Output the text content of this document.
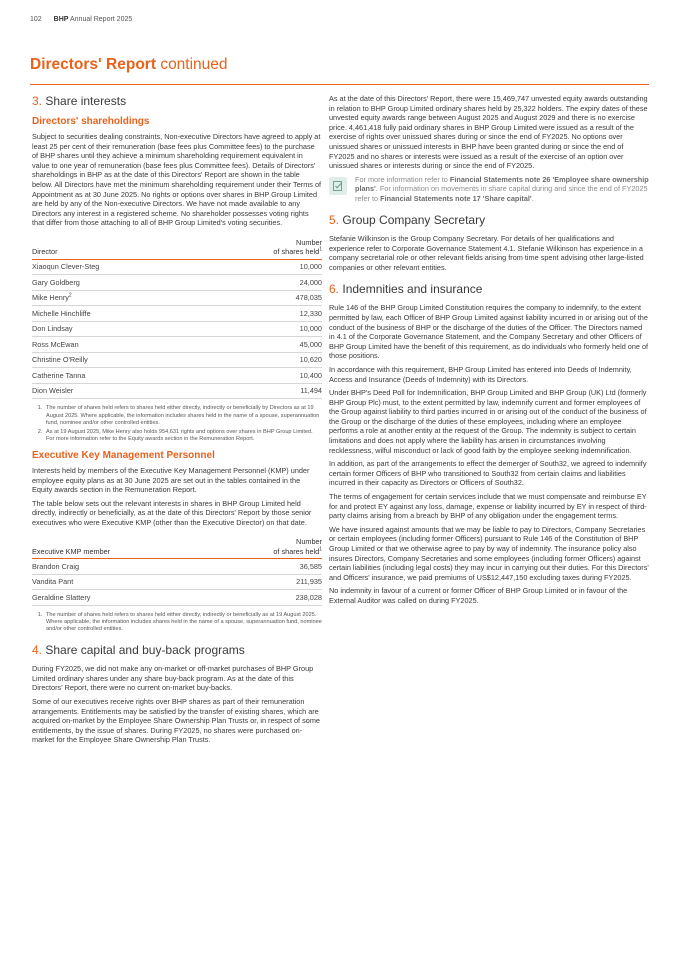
102 BHP Annual Report 2025
Directors' Report continued
3. Share interests
Directors' shareholdings

Subject to securities dealing constraints, Non-executive Directors have agreed to apply at least 25 per cent of their remuneration (base fees plus Committee fees) to the purchase of BHP shares until they achieve a minimum shareholding requirement equivalent in value to one year of remuneration (base fees plus Committee fees). Details of Directors' shareholdings in BHP as at the date of this Directors' Report are shown in the table below. All Directors have met the minimum shareholding requirement under their Terms of Appointment as at 30 June 2025. No rights or options over shares in BHP Group Limited are held by any of the Non-executive Directors. We have not made available to any Directors any interest in a registered scheme. No shareholder possesses voting rights that differ from those attaching to all of BHP Group Limited's voting securities.

Director	Number
of shares held$^1$
Xiaoqun Clever-Steg	10,000
Gary Goldberg	24,000
Mike Henry$^2$	478,035
Michelle Hinchliffe	12,330
Don Lindsay	10,000
Ross McEwan	45,000
Christine O'Reilly	10,620
Catherine Tanna	10,400
Dion Weisler	11,494
1. The number of shares held refers to shares held either directly, indirectly or beneficially by Directors as at 19 August 2025. Where applicable, the information includes shares held in the name of a spouse, superannuation fund, nominee and/or other controlled entities.
2. As at 19 August 2025, Mike Henry also holds 954,631 rights and options over shares in BHP Group Limited. For more information refer to the Equity awards section in the Remuneration Report.
Executive Key Management Personnel

Interests held by members of the Executive Key Management Personnel (KMP) under employee equity plans as at 30 June 2025 are set out in the tables contained in the Equity awards section in the Remuneration Report.

The table below sets out the relevant interests in shares in BHP Group Limited held directly, indirectly or beneficially, as at the date of this Directors' Report by those senior executives who were Executive KMP (other than the Executive Director) on that date.

Executive KMP member	Number
of shares held$^1$
Brandon Craig	36,585
Vandita Pant	211,935
Geraldine Slattery	238,028
1. The number of shares held refers to shares held either directly, indirectly or beneficially as at 19 August 2025. Where applicable, the information includes shares held in the name of a spouse, superannuation fund, nominee and/or other controlled entities.
4. Share capital and buy-back programs

During FY2025, we did not make any on-market or off-market purchases of BHP Group Limited ordinary shares under any share buy-back program. As at the date of this Directors' Report, there were no current on-market buy-backs.

Some of our executives receive rights over BHP shares as part of their remuneration arrangements. Entitlements may be satisfied by the transfer of existing shares, which are acquired on-market by the Employee Share Ownership Plan Trusts or, in respect of some entitlements, by the issue of shares. During FY2025, no shares were purchased on-market for the Employee Share Ownership Plan Trusts.

As at the date of this Directors' Report, there were 15,469,747 unvested equity awards outstanding in relation to BHP Group Limited ordinary shares held by 25,322 holders. The expiry dates of these unvested equity awards range between August 2025 and August 2029 and there is no exercise price. 4,461,418 fully paid ordinary shares in BHP Group Limited were issued as a result of the exercise of rights over unissued shares during or since the end of FY2025. No options over unissued shares or unissued interests in BHP have been granted during or since the end of FY2025 and no shares or interests were issued as a result of the exercise of an option over unissued shares or interests during or since the end of FY2025.

For more information refer to Financial Statements note 26 'Employee share ownership plans'. For information on movements in share capital during and since the end of FY2025 refer to Financial Statements note 17 'Share capital'.
5. Group Company Secretary

Stefanie Wilkinson is the Group Company Secretary. For details of her qualifications and experience refer to Corporate Governance Statement 4.1. Stefanie Wilkinson has experience in a company secretarial role or other relevant fields arising from time spent advising other large-listed companies or other relevant entities.

6. Indemnities and insurance

Rule 146 of the BHP Group Limited Constitution requires the company to indemnify, to the extent permitted by law, each Officer of BHP Group Limited against liability incurred in or arising out of the conduct of the business of BHP or the discharge of the duties of the Officer. The Directors named in 4.1 of the Corporate Governance Statement, and the Company Secretary and other Officers of BHP Group Limited have the benefit of this requirement, as do individuals who formerly held one of those positions.

In accordance with this requirement, BHP Group Limited has entered into Deeds of Indemnity, Access and Insurance (Deeds of Indemnity) with its Directors.

Under BHP's Deed Poll for Indemnification, BHP Group Limited and BHP Group (UK) Ltd (formerly BHP Group Plc) must, to the extent permitted by law, indemnify current and former employees of the Group against liability to third parties incurred in or arising out of the conduct of the business of the Group or the discharge of the duties of these employees, including where an employee performs a role at another entity at the request of the Group. The indemnity is subject to certain limitations and does not apply where the liability has arisen in circumstances involving recklessness, wilful misconduct or lack of good faith by the employee seeking indemnification.

In addition, as part of the arrangements to effect the demerger of South32, we agreed to indemnify certain former Officers of BHP who transitioned to South32 from certain claims and liabilities incurred in their capacity as Directors or Officers of South32.

The terms of engagement for certain services include that we must compensate and reimburse EY for and protect EY against any loss, damage, expense or liability incurred by EY in respect of third-party claims arising from a breach by BHP of any obligation under the engagement terms.

We have insured against amounts that we may be liable to pay to Directors, Company Secretaries or certain employees (including former Officers) pursuant to Rule 146 of the Constitution of BHP Group Limited or that we otherwise agree to pay by way of indemnity. The insurance policy also insures Directors, Company Secretaries and some employees (including former Officers) against certain liabilities (including legal costs) they may incur in carrying out their duties. For this Directors' and Officers' insurance, we paid premiums of US$12,447,150 excluding taxes during FY2025.

No indemnity in favour of a current or former Officer of BHP Group Limited or in favour of the External Auditor was called on during FY2025.
